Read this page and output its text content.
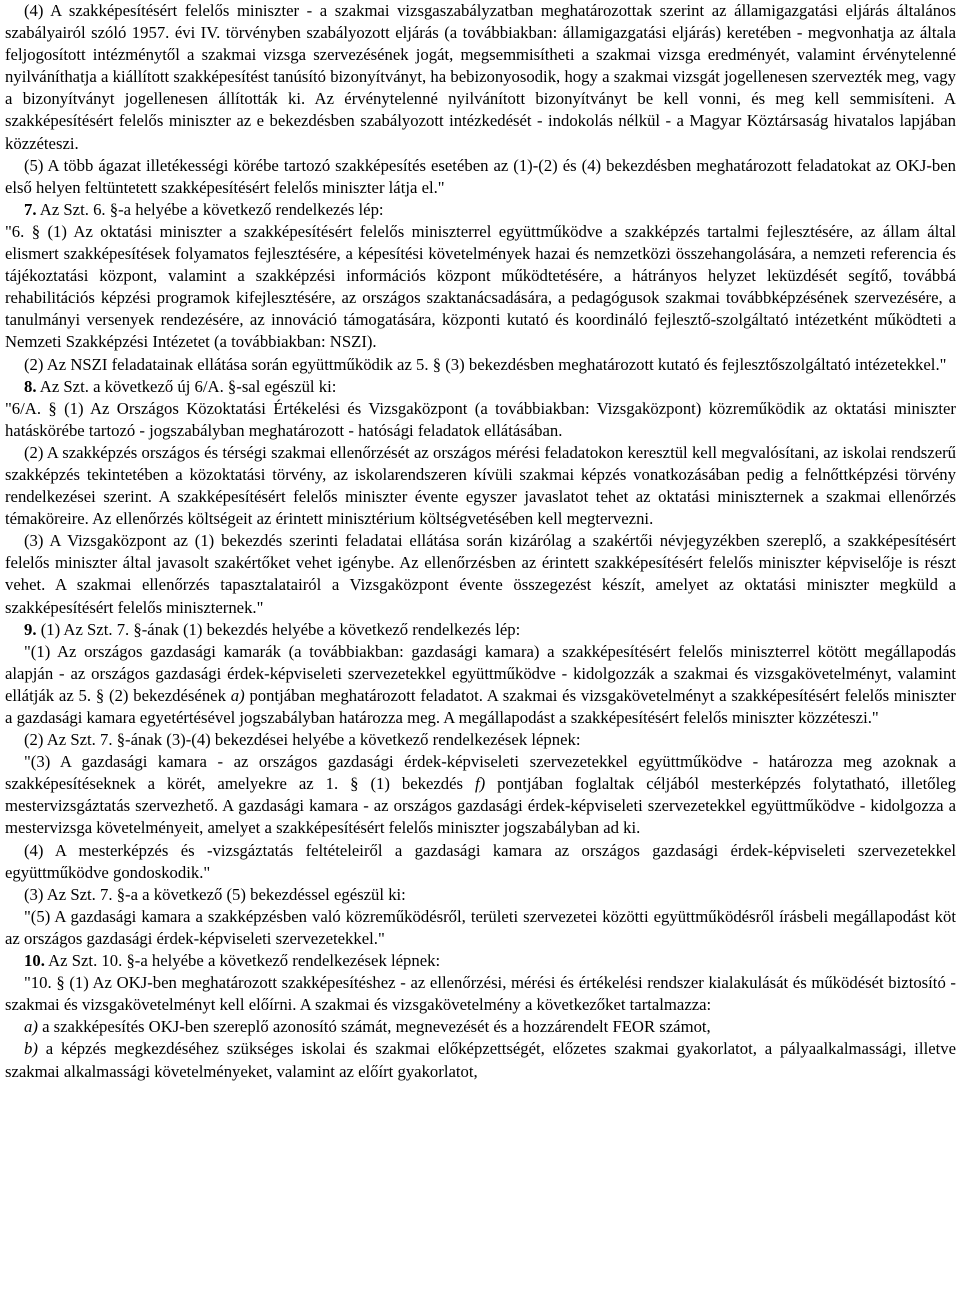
(4) A szakképesítésért felelős miniszter - a szakmai vizsgaszabályzatban meghatározottak szerint az államigazgatási eljárás általános szabályairól szóló 1957. évi IV. törvényben szabályozott eljárás (a továbbiakban: államigazgatási eljárás) keretében - megvonhatja az általa feljogosított intézménytől a szakmai vizsga szervezésének jogát, megsemmisítheti a szakmai vizsga eredményét, valamint érvénytelenné nyilváníthatja a kiállított szakképesítést tanúsító bizonyítványt, ha bebizonyosodik, hogy a szakmai vizsgát jogellenesen szervezték meg, vagy a bizonyítványt jogellenesen állították ki. Az érvénytelenné nyilvánított bizonyítványt be kell vonni, és meg kell semmisíteni. A szakképesítésért felelős miniszter az e bekezdésben szabályozott intézkedését - indokolás nélkül - a Magyar Köztársaság hivatalos lapjában közzéteszi.

(5) A több ágazat illetékességi körébe tartozó szakképesítés esetében az (1)-(2) és (4) bekezdésben meghatározott feladatokat az OKJ-ben első helyen feltüntetett szakképesítésért felelős miniszter látja el."

7. Az Szt. 6. §-a helyébe a következő rendelkezés lép:

"6. § (1) Az oktatási miniszter a szakképesítésért felelős miniszterrel együttműködve a szakképzés tartalmi fejlesztésére, az állam által elismert szakképesítések folyamatos fejlesztésére, a képesítési követelmények hazai és nemzetközi összehangolására, a nemzeti referencia és tájékoztatási központ, valamint a szakképzési információs központ működtetésére, a hátrányos helyzet leküzdését segítő, továbbá rehabilitációs képzési programok kifejlesztésére, az országos szaktanácsadására, a pedagógusok szakmai továbbképzésének szervezésére, a tanulmányi versenyek rendezésére, az innováció támogatására, központi kutató és koordináló fejlesztő-szolgáltató intézetként működteti a Nemzeti Szakképzési Intézetet (a továbbiakban: NSZI).

(2) Az NSZI feladatainak ellátása során együttműködik az 5. § (3) bekezdésben meghatározott kutató és fejlesztőszolgáltató intézetekkel."

8. Az Szt. a következő új 6/A. §-sal egészül ki:

"6/A. § (1) Az Országos Közoktatási Értékelési és Vizsgaközpont (a továbbiakban: Vizsgaközpont) közreműködik az oktatási miniszter hatáskörébe tartozó - jogszabályban meghatározott - hatósági feladatok ellátásában.

(2) A szakképzés országos és térségi szakmai ellenőrzését az országos mérési feladatokon keresztül kell megvalósítani, az iskolai rendszerű szakképzés tekintetében a közoktatási törvény, az iskolarendszeren kívüli szakmai képzés vonatkozásában pedig a felnőttképzési törvény rendelkezései szerint. A szakképesítésért felelős miniszter évente egyszer javaslatot tehet az oktatási miniszternek a szakmai ellenőrzés témaköreire. Az ellenőrzés költségeit az érintett minisztérium költségvetésében kell megtervezni.

(3) A Vizsgaközpont az (1) bekezdés szerinti feladatai ellátása során kizárólag a szakértői névjegyzékben szereplő, a szakképesítésért felelős miniszter által javasolt szakértőket vehet igénybe. Az ellenőrzésben az érintett szakképesítésért felelős miniszter képviselője is részt vehet. A szakmai ellenőrzés tapasztalatairól a Vizsgaközpont évente összegezést készít, amelyet az oktatási miniszter megküld a szakképesítésért felelős miniszternek."

9. (1) Az Szt. 7. §-ának (1) bekezdés helyébe a következő rendelkezés lép:

"(1) Az országos gazdasági kamarák (a továbbiakban: gazdasági kamara) a szakképesítésért felelős miniszterrel kötött megállapodás alapján - az országos gazdasági érdek-képviseleti szervezetekkel együttműködve - kidolgozzák a szakmai és vizsgakövetelményt, valamint ellátják az 5. § (2) bekezdésének a) pontjában meghatározott feladatot. A szakmai és vizsgakövetelményt a szakképesítésért felelős miniszter a gazdasági kamara egyetértésével jogszabályban határozza meg. A megállapodást a szakképesítésért felelős miniszter közzéteszi."

(2) Az Szt. 7. §-ának (3)-(4) bekezdései helyébe a következő rendelkezések lépnek:

"(3) A gazdasági kamara - az országos gazdasági érdek-képviseleti szervezetekkel együttműködve - határozza meg azoknak a szakképesítéseknek a körét, amelyekre az 1. § (1) bekezdés f) pontjában foglaltak céljából mesterképzés folytatható, illetőleg mestervizsgáztatás szervezhető. A gazdasági kamara - az országos gazdasági érdek-képviseleti szervezetekkel együttműködve - kidolgozza a mestervizsga követelményeit, amelyet a szakképesítésért felelős miniszter jogszabályban ad ki.

(4) A mesterképzés és -vizsgáztatás feltételeiről a gazdasági kamara az országos gazdasági érdek-képviseleti szervezetekkel együttműködve gondoskodik."

(3) Az Szt. 7. §-a a következő (5) bekezdéssel egészül ki:

"(5) A gazdasági kamara a szakképzésben való közreműködésről, területi szervezetei közötti együttműködésről írásbeli megállapodást köt az országos gazdasági érdek-képviseleti szervezetekkel."

10. Az Szt. 10. §-a helyébe a következő rendelkezések lépnek:

"10. § (1) Az OKJ-ben meghatározott szakképesítéshez - az ellenőrzési, mérési és értékelési rendszer kialakulását és működését biztosító - szakmai és vizsgakövetelményt kell előírni. A szakmai és vizsgakövetelmény a következőket tartalmazza:

a) a szakképesítés OKJ-ben szereplő azonosító számát, megnevezését és a hozzárendelt FEOR számot,

b) a képzés megkezdéséhez szükséges iskolai és szakmai előképzettségét, előzetes szakmai gyakorlatot, a pályaalkalmassági, illetve szakmai alkalmassági követelményeket, valamint az előírt gyakorlatot,
